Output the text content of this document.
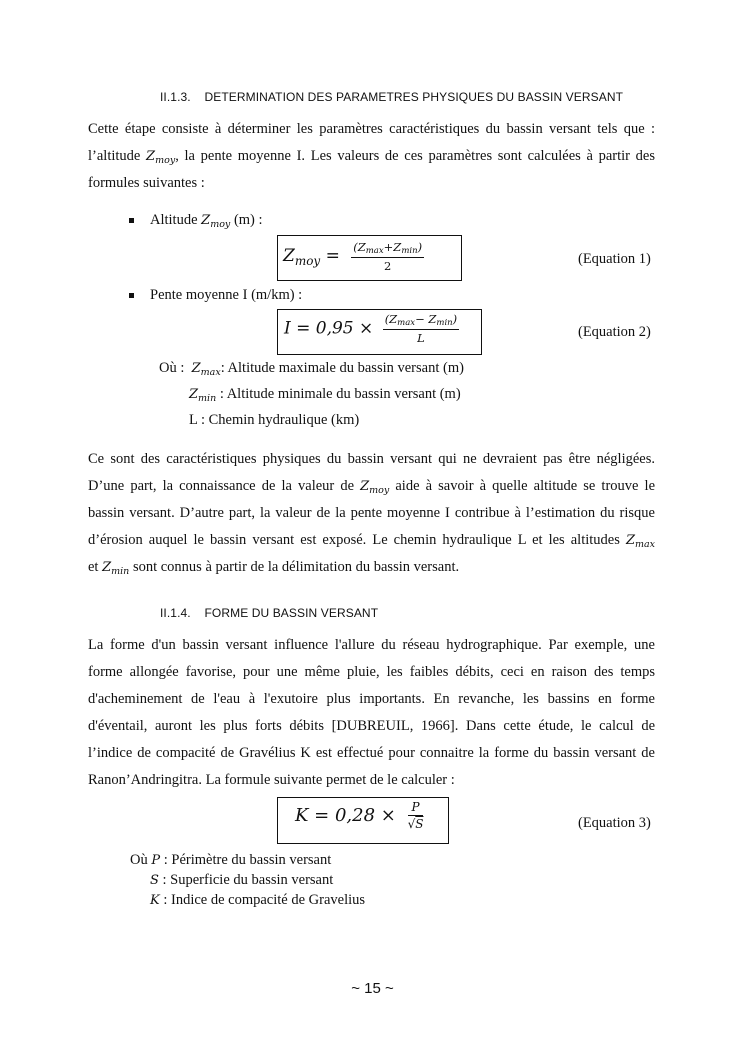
II.1.3. DETERMINATION DES PARAMETRES PHYSIQUES DU BASSIN VERSANT
Cette étape consiste à déterminer les paramètres caractéristiques du bassin versant tels que :
l’altitude $Z_{moy}$, la pente moyenne I. Les valeurs de ces paramètres sont calculées à partir des
formules suivantes :
Altitude $Z_{moy}$ (m) :
$Z_{moy} = \frac{(Z_{max}+Z_{min})}{2}$	(Equation 1)
Pente moyenne I (m/km) :
$I = 0,95 \times \frac{(Z_{max}- Z_{min})}{L}$	(Equation 2)
Où : $Z_{max}$: Altitude maximale du bassin versant (m)
$Z_{min}$ : Altitude minimale du bassin versant (m)
L : Chemin hydraulique (km)
Ce sont des caractéristiques physiques du bassin versant qui ne devraient pas être négligées.
D’une part, la connaissance de la valeur de $Z_{moy}$ aide à savoir à quelle altitude se trouve le
bassin versant. D’autre part, la valeur de la pente moyenne I contribue à l’estimation du risque
d’érosion auquel le bassin versant est exposé. Le chemin hydraulique L et les altitudes $Z_{max}$
et $Z_{min}$ sont connus à partir de la délimitation du bassin versant.
II.1.4. FORME DU BASSIN VERSANT
La forme d'un bassin versant influence l'allure du réseau hydrographique. Par exemple, une
forme allongée favorise, pour une même pluie, les faibles débits, ceci en raison des temps
d'acheminement de l'eau à l'exutoire plus importants. En revanche, les bassins en forme
d'éventail, auront les plus forts débits [DUBREUIL, 1966]. Dans cette étude, le calcul de
l’indice de compacité de Gravélius K est effectué pour connaitre la forme du bassin versant de
Ranon’Andringitra. La formule suivante permet de le calculer :
$K = 0,28 \times \frac{P}{√S}$	(Equation 3)
Où P : Périmètre du bassin versant
S : Superficie du bassin versant
K : Indice de compacité de Gravelius
~ 15 ~
